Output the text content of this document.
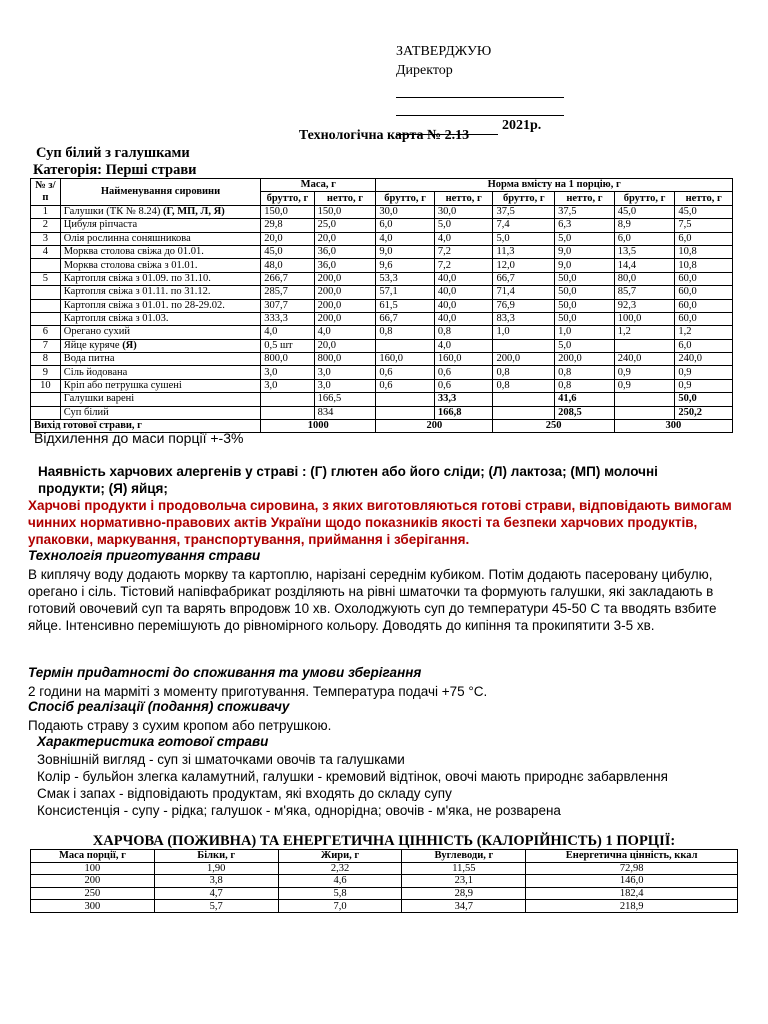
ЗАТВЕРДЖУЮ
Директор
2021р.
Технологічна карта № 2.13
Суп білий з галушками
Категорія: Перші страви
№ з/п	Найменування сировини	Маса, г		Норма вмісту на 1 порцію, г					
		брутто, г	нетто, г	брутто, г	нетто, г	брутто, г	нетто, г	брутто, г	нетто, г
1	Галушки (ТК № 8.24) (Г, МП, Л, Я)	150,0	150,0	30,0	30,0	37,5	37,5	45,0	45,0
2	Цибуля ріпчаста	29,8	25,0	6,0	5,0	7,4	6,3	8,9	7,5
3	Олія рослинна соняшникова	20,0	20,0	4,0	4,0	5,0	5,0	6,0	6,0
4	Морква столова свіжа до 01.01.	45,0	36,0	9,0	7,2	11,3	9,0	13,5	10,8
	Морква столова свіжа з 01.01.	48,0	36,0	9,6	7,2	12,0	9,0	14,4	10,8
5	Картопля свіжа з 01.09. по 31.10.	266,7	200,0	53,3	40,0	66,7	50,0	80,0	60,0
	Картопля свіжа з 01.11. по 31.12.	285,7	200,0	57,1	40,0	71,4	50,0	85,7	60,0
	Картопля свіжа з 01.01. по 28-29.02.	307,7	200,0	61,5	40,0	76,9	50,0	92,3	60,0
	Картопля свіжа з 01.03.	333,3	200,0	66,7	40,0	83,3	50,0	100,0	60,0
6	Орегано сухий	4,0	4,0	0,8	0,8	1,0	1,0	1,2	1,2
7	Яйце куряче (Я)	0,5 шт	20,0		4,0		5,0		6,0
8	Вода питна	800,0	800,0	160,0	160,0	200,0	200,0	240,0	240,0
9	Сіль йодована	3,0	3,0	0,6	0,6	0,8	0,8	0,9	0,9
10	Кріп або петрушка сушені	3,0	3,0	0,6	0,6	0,8	0,8	0,9	0,9
	Галушки варені		166,5		33,3		41,6		50,0
	Суп білий		834		166,8		208,5		250,2
Вихід готової страви, г		1000		200		250		300	
Відхилення до маси порції +-3%
Наявність харчових алергенів у страві : (Г) глютен або його сліди; (Л) лактоза; (МП) молочні продукти; (Я) яйця;
Харчові продукти і продовольча сировина, з яких виготовляються готові страви, відповідають вимогам чинних нормативно-правових актів України щодо показників якості та безпеки харчових продуктів, упаковки, маркування, транспортування, приймання і зберігання.
Технологія приготування страви
В киплячу воду додають моркву та картоплю, нарізані середнім кубиком. Потім додають пасеровану цибулю, орегано і сіль. Тістовий напівфабрикат розділяють на рівні шматочки та формують галушки, які закладають в готовий овочевий суп та варять впродовж 10 хв. Охолоджують суп до температури 45-50 С та вводять взбите яйце. Інтенсивно перемішують до рівномірного кольору. Доводять до кипіння та прокипятити 3-5 хв.
Термін придатності до споживання та умови зберігання
2 години на марміті з моменту приготування. Температура подачі +75 °С.
Спосіб реалізації (подання) споживачу
Подають страву з сухим кропом або петрушкою.
Характеристика готової страви
Зовнішній вигляд - суп зі шматочками овочів та галушками
Колір - бульйон злегка каламутний, галушки - кремовий відтінок, овочі мають природнє забарвлення
Смак і запах - відповідають продуктам, які входять до складу супу
Консистенція - супу - рідка; галушок - м'яка, однорідна; овочів - м'яка, не розварена
ХАРЧОВА (ПОЖИВНА) ТА ЕНЕРГЕТИЧНА ЦІННІСТЬ (КАЛОРІЙНІСТЬ) 1 ПОРЦІЇ:
Маса порції, г	Білки, г	Жири, г	Вуглеводи, г	Енергетична цінність, ккал
100	1,90	2,32	11,55	72,98
200	3,8	4,6	23,1	146,0
250	4,7	5,8	28,9	182,4
300	5,7	7,0	34,7	218,9
